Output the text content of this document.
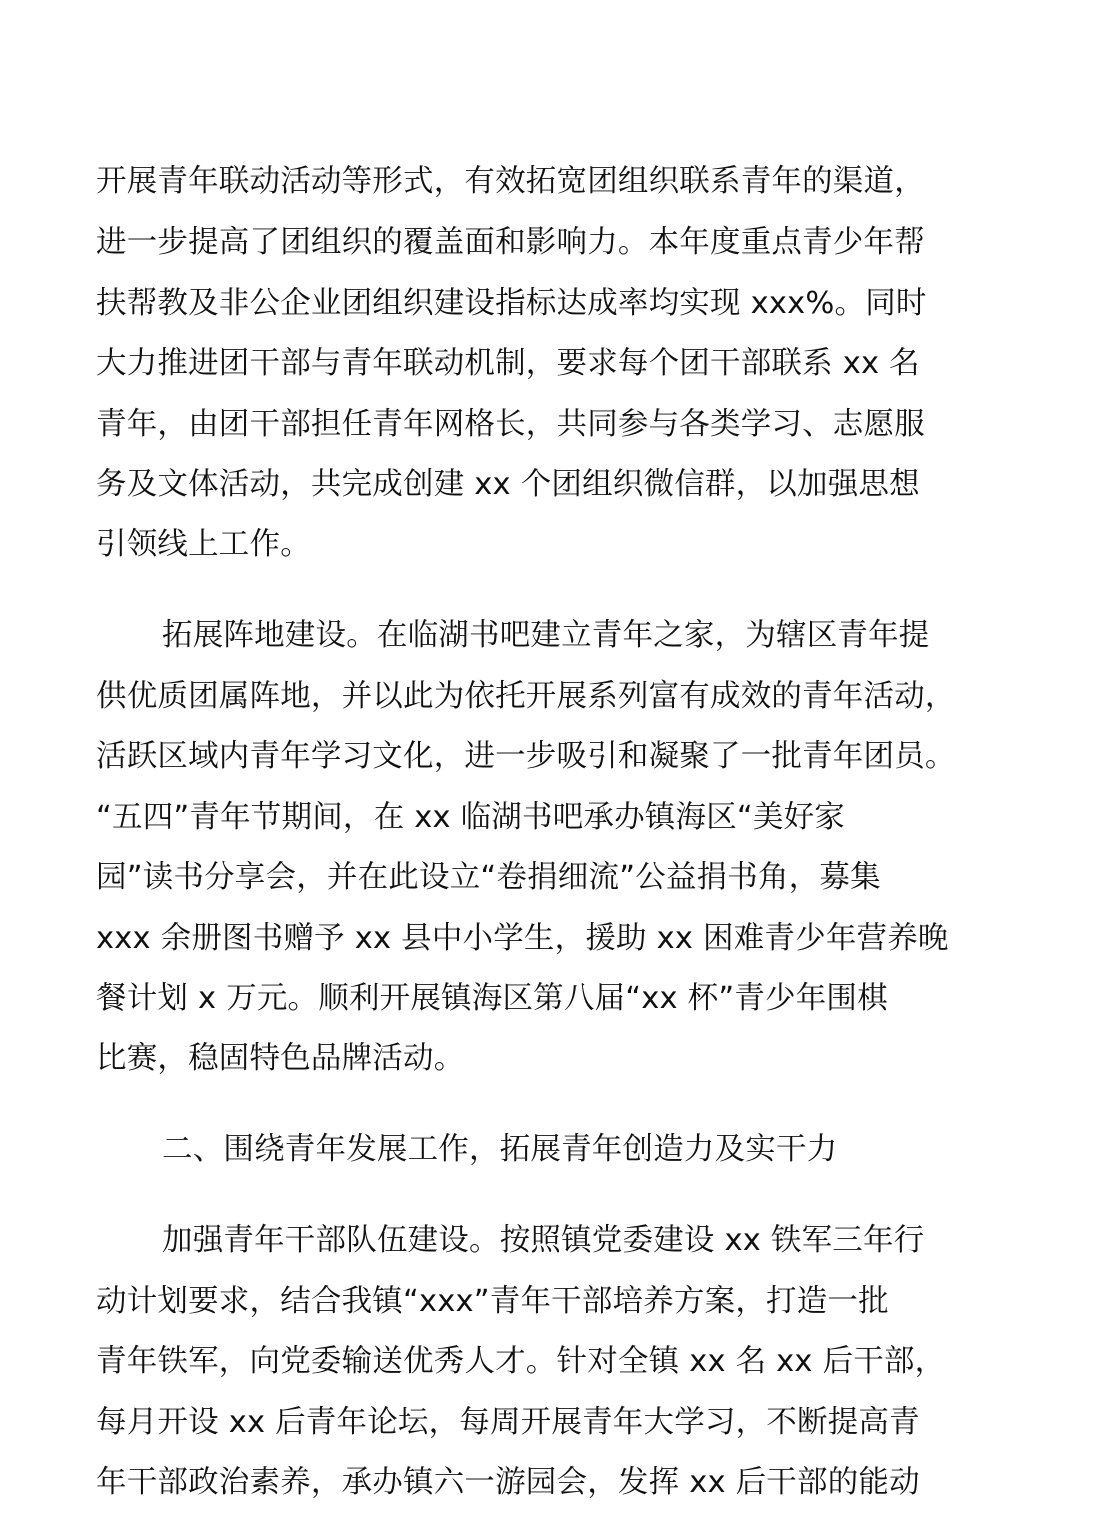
开展青年联动活动等形式，有效拓宽团组织联系青年的渠道，
进一步提高了团组织的覆盖面和影响力。本年度重点青少年帮
扶帮教及非公企业团组织建设指标达成率均实现 xxx%。同时
大力推进团干部与青年联动机制，要求每个团干部联系 xx 名
青年，由团干部担任青年网格长，共同参与各类学习、志愿服
务及文体活动，共完成创建 xx 个团组织微信群，以加强思想
引领线上工作。
拓展阵地建设。在临湖书吧建立青年之家，为辖区青年提
供优质团属阵地，并以此为依托开展系列富有成效的青年活动，
活跃区域内青年学习文化，进一步吸引和凝聚了一批青年团员。
“五四”青年节期间，在 xx 临湖书吧承办镇海区“美好家
园”读书分享会，并在此设立“卷捐细流”公益捐书角，募集
xxx 余册图书赠予 xx 县中小学生，援助 xx 困难青少年营养晚
餐计划 x 万元。顺利开展镇海区第八届“xx 杯”青少年围棋
比赛，稳固特色品牌活动。
二、围绕青年发展工作，拓展青年创造力及实干力
加强青年干部队伍建设。按照镇党委建设 xx 铁军三年行
动计划要求，结合我镇“xxx”青年干部培养方案，打造一批
青年铁军，向党委输送优秀人才。针对全镇 xx 名 xx 后干部，
每月开设 xx 后青年论坛，每周开展青年大学习，不断提高青
年干部政治素养，承办镇六一游园会，发挥 xx 后干部的能动
